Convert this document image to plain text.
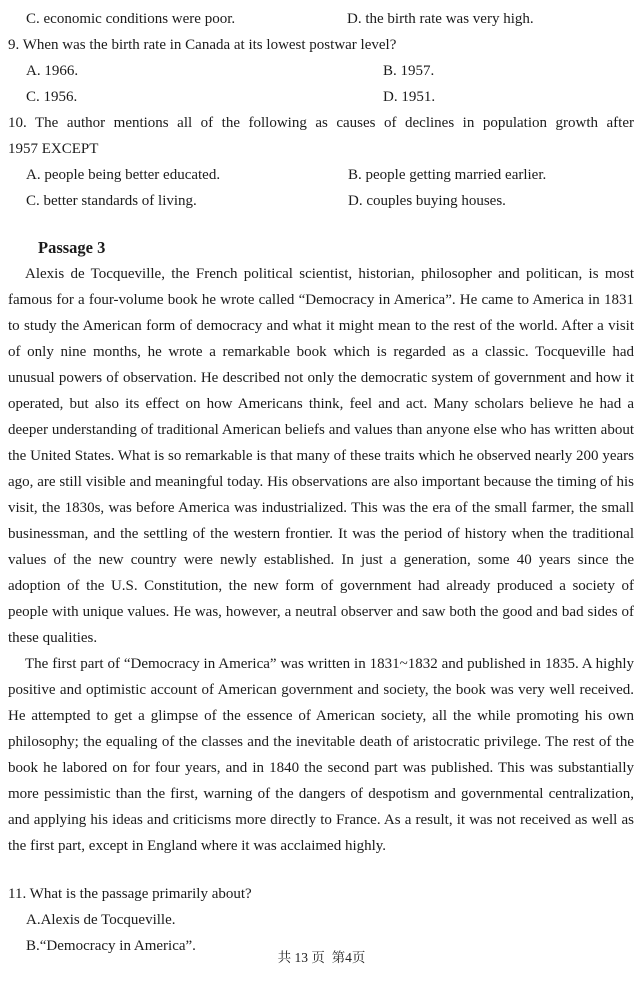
C. economic conditions were poor.	D. the birth rate was very high.
9. When was the birth rate in Canada at its lowest postwar level?
A. 1966.	B. 1957.
C. 1956.	D. 1951.
10. The author mentions all of the following as causes of declines in population growth after
1957 EXCEPT
A. people being better educated.	B. people getting married earlier.
C. better standards of living.	D. couples buying houses.
Passage 3

Alexis de Tocqueville, the French political scientist, historian, philosopher and politican, is most famous for a four-volume book he wrote called “Democracy in America”. He came to America in 1831 to study the American form of democracy and what it might mean to the rest of the world. After a visit of only nine months, he wrote a remarkable book which is regarded as a classic. Tocqueville had unusual powers of observation. He described not only the democratic system of government and how it operated, but also its effect on how Americans think, feel and act. Many scholars believe he had a deeper understanding of traditional American beliefs and values than anyone else who has written about the United States. What is so remarkable is that many of these traits which he observed nearly 200 years ago, are still visible and meaningful today. His observations are also important because the timing of his visit, the 1830s, was before America was industrialized. This was the era of the small farmer, the small businessman, and the settling of the western frontier. It was the period of history when the traditional values of the new country were newly established. In just a generation, some 40 years since the adoption of the U.S. Constitution, the new form of government had already produced a society of people with unique values. He was, however, a neutral observer and saw both the good and bad sides of these qualities.

The first part of “Democracy in America” was written in 1831~1832 and published in 1835. A highly positive and optimistic account of American government and society, the book was very well received. He attempted to get a glimpse of the essence of American society, all the while promoting his own philosophy; the equaling of the classes and the inevitable death of aristocratic privilege. The rest of the book he labored on for four years, and in 1840 the second part was published. This was substantially more pessimistic than the first, warning of the dangers of despotism and governmental centralization, and applying his ideas and criticisms more directly to France. As a result, it was not received as well as the first part, except in England where it was acclaimed highly.

11. What is the passage primarily about?
A.Alexis de Tocqueville.
B.“Democracy in America”.
共 13 页  第4页
